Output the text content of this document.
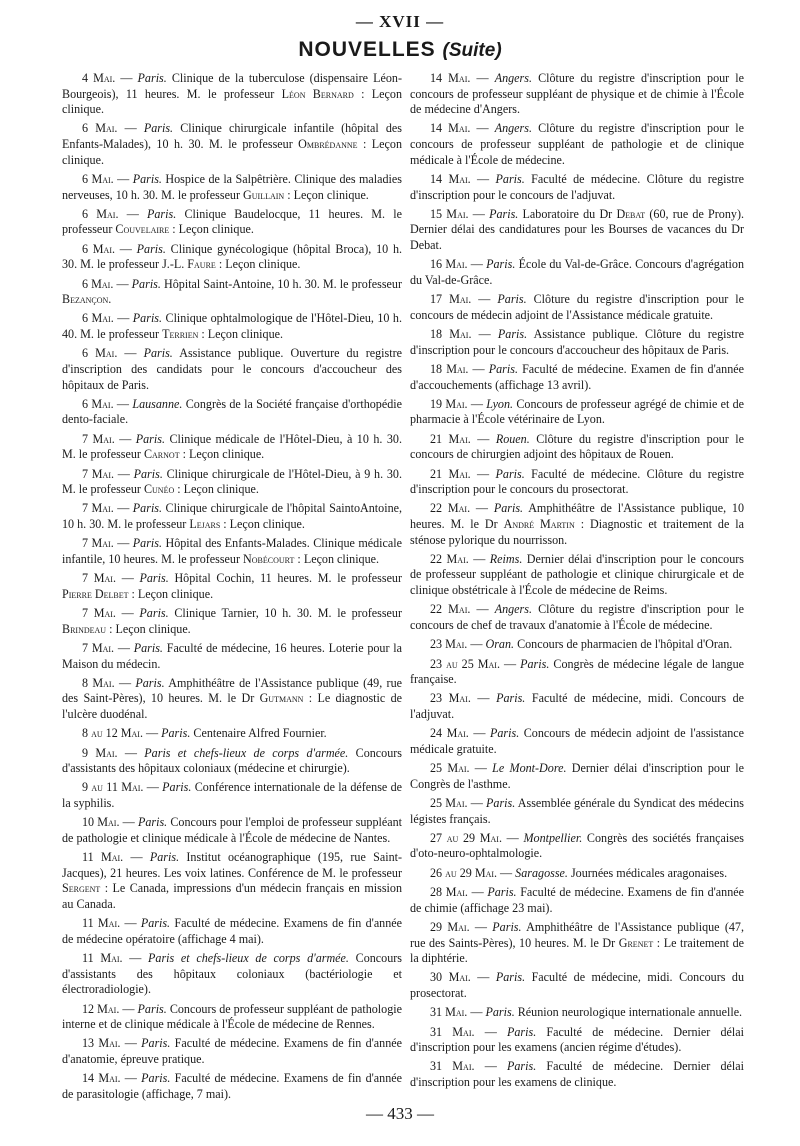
— XVII —
NOUVELLES (Suite)

4 Mai. — Paris. Clinique de la tuberculose (dispensaire Léon-Bourgeois), 11 heures. M. le professeur Léon Bernard : Leçon clinique.

6 Mai. — Paris. Clinique chirurgicale infantile (hôpital des Enfants-Malades), 10 h. 30. M. le professeur Ombrédanne : Leçon clinique.

6 Mai. — Paris. Hospice de la Salpêtrière. Clinique des maladies nerveuses, 10 h. 30. M. le professeur Guillain : Leçon clinique.

6 Mai. — Paris. Clinique Baudelocque, 11 heures. M. le professeur Couvelaire : Leçon clinique.

6 Mai. — Paris. Clinique gynécologique (hôpital Broca), 10 h. 30. M. le professeur J.-L. Faure : Leçon clinique.

6 Mai. — Paris. Hôpital Saint-Antoine, 10 h. 30. M. le professeur Bezançon.

6 Mai. — Paris. Clinique ophtalmologique de l'Hôtel-Dieu, 10 h. 40. M. le professeur Terrien : Leçon clinique.

6 Mai. — Paris. Assistance publique. Ouverture du registre d'inscription des candidats pour le concours d'accoucheur des hôpitaux de Paris.

6 Mai. — Lausanne. Congrès de la Société française d'orthopédie dento-faciale.

7 Mai. — Paris. Clinique médicale de l'Hôtel-Dieu, à 10 h. 30. M. le professeur Carnot : Leçon clinique.

7 Mai. — Paris. Clinique chirurgicale de l'Hôtel-Dieu, à 9 h. 30. M. le professeur Cunéo : Leçon clinique.

7 Mai. — Paris. Clinique chirurgicale de l'hôpital SaintoAntoine, 10 h. 30. M. le professeur Lejars : Leçon clinique.

7 Mai. — Paris. Hôpital des Enfants-Malades. Clinique médicale infantile, 10 heures. M. le professeur Nobécourt : Leçon clinique.

7 Mai. — Paris. Hôpital Cochin, 11 heures. M. le professeur Pierre Delbet : Leçon clinique.

7 Mai. — Paris. Clinique Tarnier, 10 h. 30. M. le professeur Brindeau : Leçon clinique.

7 Mai. — Paris. Faculté de médecine, 16 heures. Loterie pour la Maison du médecin.

8 Mai. — Paris. Amphithéâtre de l'Assistance publique (49, rue des Saint-Pères), 10 heures. M. le Dr Gutmann : Le diagnostic de l'ulcère duodénal.

8 au 12 Mai. — Paris. Centenaire Alfred Fournier.

9 Mai. — Paris et chefs-lieux de corps d'armée. Concours d'assistants des hôpitaux coloniaux (médecine et chirurgie).

9 au 11 Mai. — Paris. Conférence internationale de la défense de la syphilis.

10 Mai. — Paris. Concours pour l'emploi de professeur suppléant de pathologie et clinique médicale à l'École de médecine de Nantes.

11 Mai. — Paris. Institut océanographique (195, rue Saint-Jacques), 21 heures. Les voix latines. Conférence de M. le professeur Sergent : Le Canada, impressions d'un médecin français en mission au Canada.

11 Mai. — Paris. Faculté de médecine. Examens de fin d'année de médecine opératoire (affichage 4 mai).

11 Mai. — Paris et chefs-lieux de corps d'armée. Concours d'assistants des hôpitaux coloniaux (bactériologie et électroradiologie).

12 Mai. — Paris. Concours de professeur suppléant de pathologie interne et de clinique médicale à l'École de médecine de Rennes.

13 Mai. — Paris. Faculté de médecine. Examens de fin d'année d'anatomie, épreuve pratique.

14 Mai. — Paris. Faculté de médecine. Examens de fin d'année de parasitologie (affichage, 7 mai).

14 Mai. — Angers. Clôture du registre d'inscription pour le concours de professeur suppléant de physique et de chimie à l'École de médecine d'Angers.

14 Mai. — Angers. Clôture du registre d'inscription pour le concours de professeur suppléant de pathologie et de clinique médicale à l'École de médecine.

14 Mai. — Paris. Faculté de médecine. Clôture du registre d'inscription pour le concours de l'adjuvat.

15 Mai. — Paris. Laboratoire du Dr Debat (60, rue de Prony). Dernier délai des candidatures pour les Bourses de vacances du Dr Debat.

16 Mai. — Paris. École du Val-de-Grâce. Concours d'agrégation du Val-de-Grâce.

17 Mai. — Paris. Clôture du registre d'inscription pour le concours de médecin adjoint de l'Assistance médicale gratuite.

18 Mai. — Paris. Assistance publique. Clôture du registre d'inscription pour le concours d'accoucheur des hôpitaux de Paris.

18 Mai. — Paris. Faculté de médecine. Examen de fin d'année d'accouchements (affichage 13 avril).

19 Mai. — Lyon. Concours de professeur agrégé de chimie et de pharmacie à l'École vétérinaire de Lyon.

21 Mai. — Rouen. Clôture du registre d'inscription pour le concours de chirurgien adjoint des hôpitaux de Rouen.

21 Mai. — Paris. Faculté de médecine. Clôture du registre d'inscription pour le concours du prosectorat.

22 Mai. — Paris. Amphithéâtre de l'Assistance publique, 10 heures. M. le Dr André Martin : Diagnostic et traitement de la sténose pylorique du nourrisson.

22 Mai. — Reims. Dernier délai d'inscription pour le concours de professeur suppléant de pathologie et clinique chirurgicale et de clinique obstétricale à l'École de médecine de Reims.

22 Mai. — Angers. Clôture du registre d'inscription pour le concours de chef de travaux d'anatomie à l'École de médecine.

23 Mai. — Oran. Concours de pharmacien de l'hôpital d'Oran.

23 au 25 Mai. — Paris. Congrès de médecine légale de langue française.

23 Mai. — Paris. Faculté de médecine, midi. Concours de l'adjuvat.

24 Mai. — Paris. Concours de médecin adjoint de l'assistance médicale gratuite.

25 Mai. — Le Mont-Dore. Dernier délai d'inscription pour le Congrès de l'asthme.

25 Mai. — Paris. Assemblée générale du Syndicat des médecins légistes français.

27 au 29 Mai. — Montpellier. Congrès des sociétés françaises d'oto-neuro-ophtalmologie.

26 au 29 Mai. — Saragosse. Journées médicales aragonaises.

28 Mai. — Paris. Faculté de médecine. Examens de fin d'année de chimie (affichage 23 mai).

29 Mai. — Paris. Amphithéâtre de l'Assistance publique (47, rue des Saints-Pères), 10 heures. M. le Dr Grenet : Le traitement de la diphtérie.

30 Mai. — Paris. Faculté de médecine, midi. Concours du prosectorat.

31 Mai. — Paris. Réunion neurologique internationale annuelle.

31 Mai. — Paris. Faculté de médecine. Dernier délai d'inscription pour les examens (ancien régime d'études).

31 Mai. — Paris. Faculté de médecine. Dernier délai d'inscription pour les examens de clinique.

— 433 —
